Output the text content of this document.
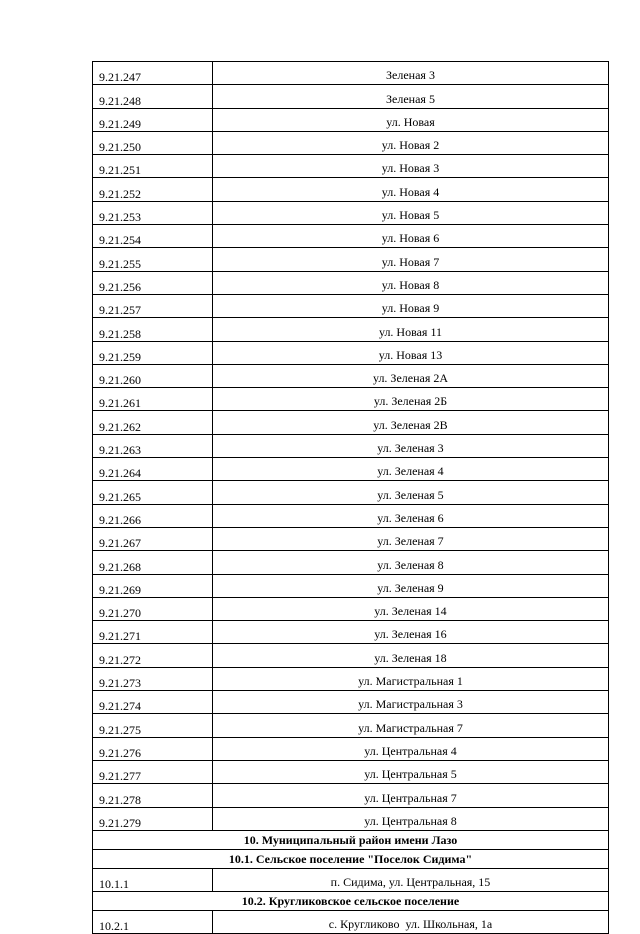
9.21.247	Зеленая 3
9.21.248	Зеленая 5
9.21.249	ул. Новая
9.21.250	ул. Новая 2
9.21.251	ул. Новая 3
9.21.252	ул. Новая 4
9.21.253	ул. Новая 5
9.21.254	ул. Новая 6
9.21.255	ул. Новая 7
9.21.256	ул. Новая 8
9.21.257	ул. Новая 9
9.21.258	ул. Новая 11
9.21.259	ул. Новая 13
9.21.260	ул. Зеленая 2А
9.21.261	ул. Зеленая 2Б
9.21.262	ул. Зеленая 2В
9.21.263	ул. Зеленая 3
9.21.264	ул. Зеленая 4
9.21.265	ул. Зеленая 5
9.21.266	ул. Зеленая 6
9.21.267	ул. Зеленая 7
9.21.268	ул. Зеленая 8
9.21.269	ул. Зеленая 9
9.21.270	ул. Зеленая 14
9.21.271	ул. Зеленая 16
9.21.272	ул. Зеленая 18
9.21.273	ул. Магистральная 1
9.21.274	ул. Магистральная 3
9.21.275	ул. Магистральная 7
9.21.276	ул. Центральная 4
9.21.277	ул. Центральная 5
9.21.278	ул. Центральная 7
9.21.279	ул. Центральная 8
10. Муниципальный район имени Лазо	
10.1. Сельское поселение "Поселок Сидима"	
10.1.1	п. Сидима, ул. Центральная, 15
10.2. Кругликовское сельское поселение	
10.2.1	с. Кругликово  ул. Школьная, 1а
